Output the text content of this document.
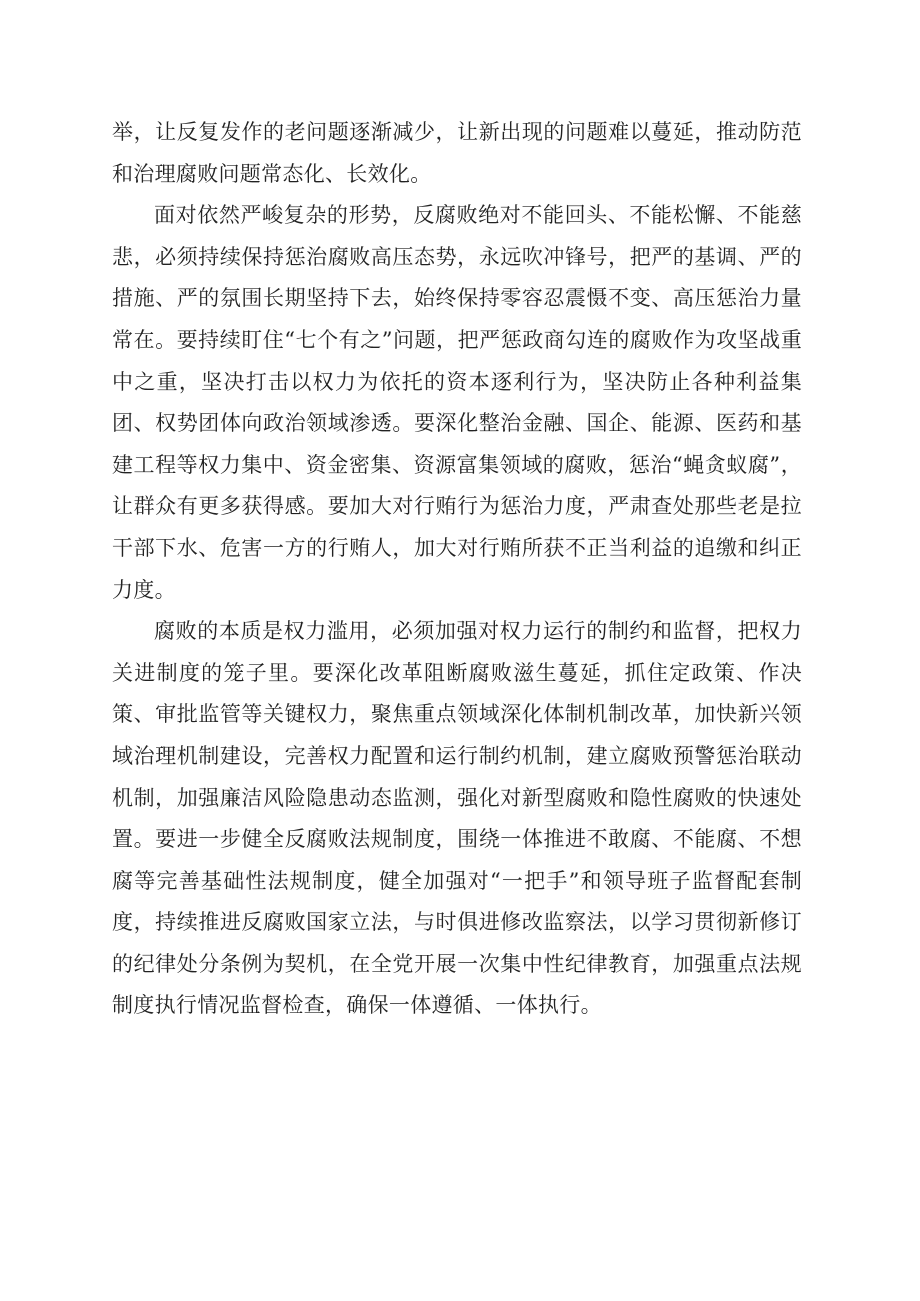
举，让反复发作的老问题逐渐减少，让新出现的问题难以蔓延，推动防范和治理腐败问题常态化、长效化。

面对依然严峻复杂的形势，反腐败绝对不能回头、不能松懈、不能慈悲，必须持续保持惩治腐败高压态势，永远吹冲锋号，把严的基调、严的措施、严的氛围长期坚持下去，始终保持零容忍震慑不变、高压惩治力量常在。要持续盯住“七个有之”问题，把严惩政商勾连的腐败作为攻坚战重中之重，坚决打击以权力为依托的资本逐利行为，坚决防止各种利益集团、权势团体向政治领域渗透。要深化整治金融、国企、能源、医药和基建工程等权力集中、资金密集、资源富集领域的腐败，惩治“蝇贪蚁腐”，让群众有更多获得感。要加大对行贿行为惩治力度，严肃查处那些老是拉干部下水、危害一方的行贿人，加大对行贿所获不正当利益的追缴和纠正力度。

腐败的本质是权力滥用，必须加强对权力运行的制约和监督，把权力关进制度的笼子里。要深化改革阻断腐败滋生蔓延，抓住定政策、作决策、审批监管等关键权力，聚焦重点领域深化体制机制改革，加快新兴领域治理机制建设，完善权力配置和运行制约机制，建立腐败预警惩治联动机制，加强廉洁风险隐患动态监测，强化对新型腐败和隐性腐败的快速处置。要进一步健全反腐败法规制度，围绕一体推进不敢腐、不能腐、不想腐等完善基础性法规制度，健全加强对“一把手”和领导班子监督配套制度，持续推进反腐败国家立法，与时俱进修改监察法，以学习贯彻新修订的纪律处分条例为契机，在全党开展一次集中性纪律教育，加强重点法规制度执行情况监督检查，确保一体遵循、一体执行。
